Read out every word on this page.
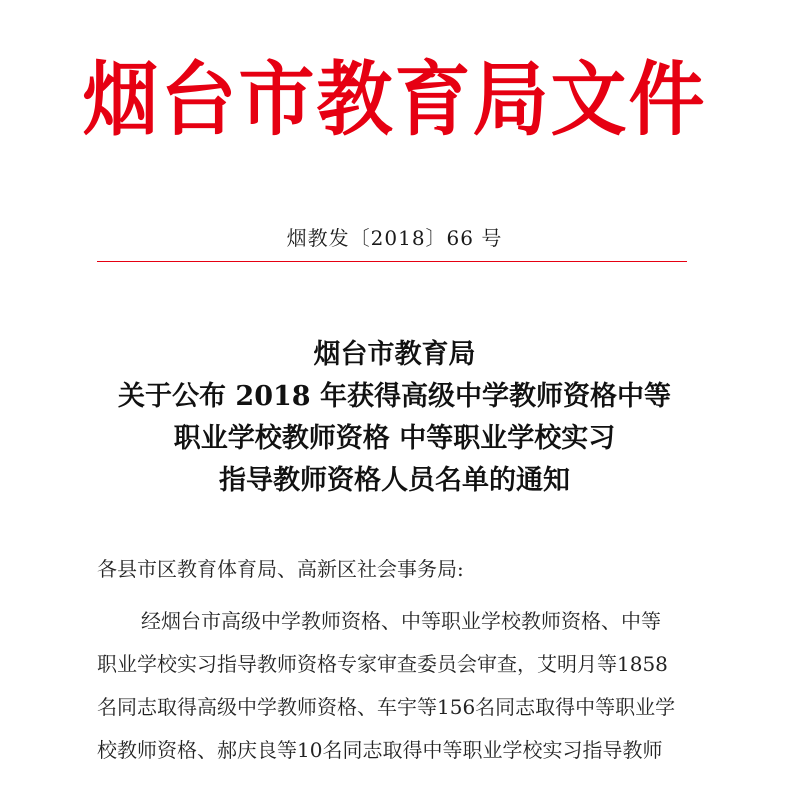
烟台市教育局文件
烟教发〔2018〕66 号
烟台市教育局
关于公布 2018 年获得高级中学教师资格中等
职业学校教师资格 中等职业学校实习
指导教师资格人员名单的通知
各县市区教育体育局、高新区社会事务局:
经烟台市高级中学教师资格、中等职业学校教师资格、中等
职业学校实习指导教师资格专家审查委员会审查，艾明月等1858
名同志取得高级中学教师资格、车宇等156名同志取得中等职业学
校教师资格、郝庆良等10名同志取得中等职业学校实习指导教师
